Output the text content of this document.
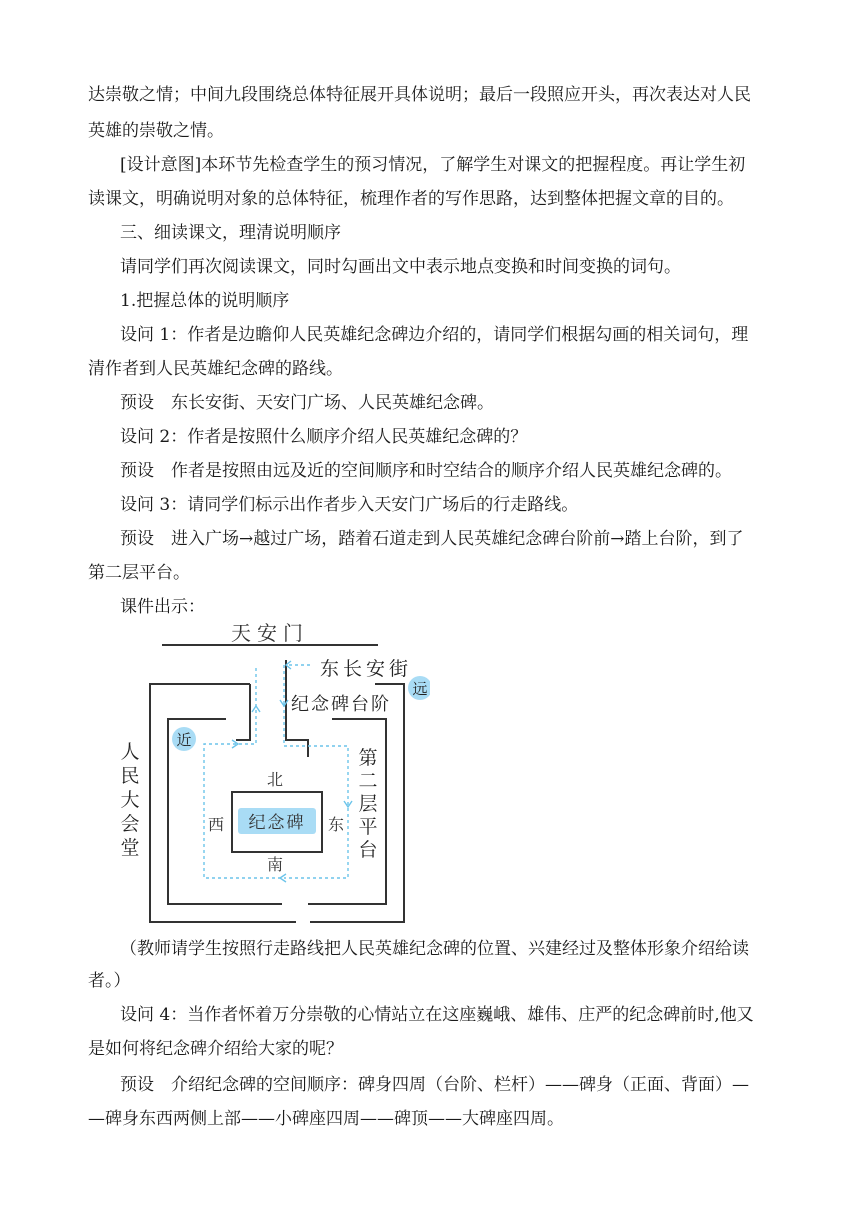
达崇敬之情；中间九段围绕总体特征展开具体说明；最后一段照应开头，再次表达对人民
英雄的崇敬之情。
[设计意图]本环节先检查学生的预习情况，了解学生对课文的把握程度。再让学生初
读课文，明确说明对象的总体特征，梳理作者的写作思路，达到整体把握文章的目的。
三、细读课文，理清说明顺序
请同学们再次阅读课文，同时勾画出文中表示地点变换和时间变换的词句。
1.把握总体的说明顺序
设问 1：作者是边瞻仰人民英雄纪念碑边介绍的，请同学们根据勾画的相关词句，理
清作者到人民英雄纪念碑的路线。
预设　东长安街、天安门广场、人民英雄纪念碑。
设问 2：作者是按照什么顺序介绍人民英雄纪念碑的？
预设　作者是按照由远及近的空间顺序和时空结合的顺序介绍人民英雄纪念碑的。
设问 3：请同学们标示出作者步入天安门广场后的行走路线。
预设　进入广场→越过广场，踏着石道走到人民英雄纪念碑台阶前→踏上台阶，到了
第二层平台。
课件出示：
天安门
纪念碑
北
南
西	东
东长安街
纪念碑台阶
远
近
人
民
大
会
堂
第
二
层
平
台
（教师请学生按照行走路线把人民英雄纪念碑的位置、兴建经过及整体形象介绍给读
者。）
设问 4：当作者怀着万分崇敬的心情站立在这座巍峨、雄伟、庄严的纪念碑前时,他又
是如何将纪念碑介绍给大家的呢？
预设　介绍纪念碑的空间顺序：碑身四周（台阶、栏杆）——碑身（正面、背面）—
—碑身东西两侧上部——小碑座四周——碑顶——大碑座四周。
